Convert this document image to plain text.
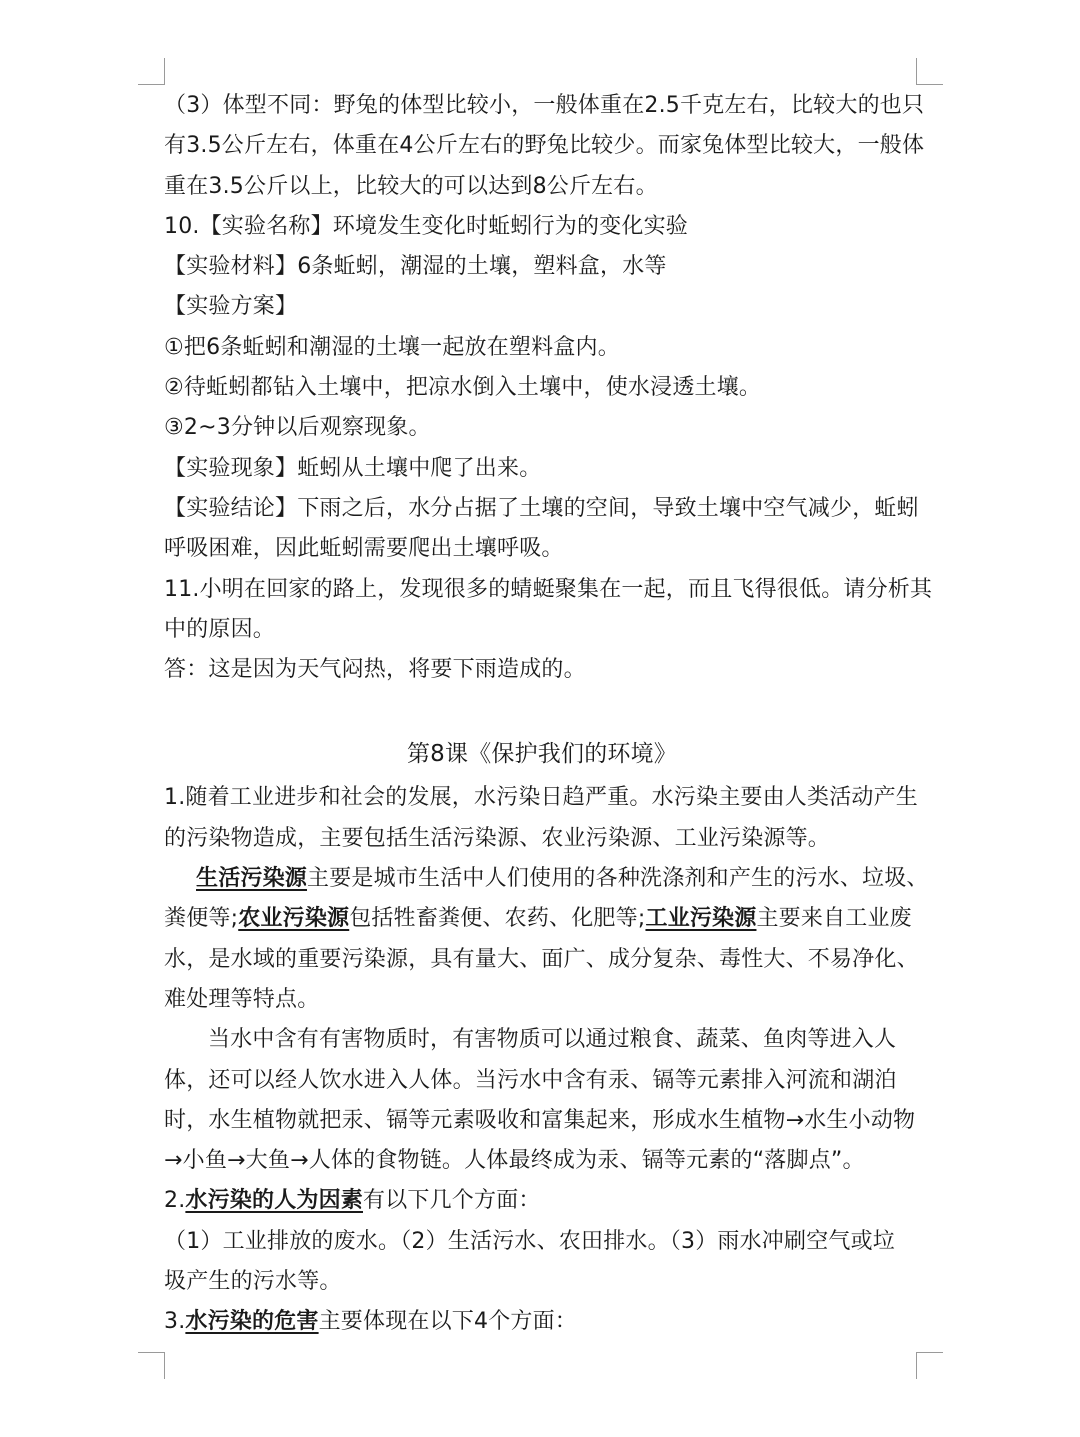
（3）体型不同：野兔的体型比较小，一般体重在2.5千克左右，比较大的也只
有3.5公斤左右，体重在4公斤左右的野兔比较少。而家兔体型比较大，一般体
重在3.5公斤以上，比较大的可以达到8公斤左右。
10.【实验名称】环境发生变化时蚯蚓行为的变化实验
【实验材料】6条蚯蚓，潮湿的土壤，塑料盒，水等
【实验方案】
①把6条蚯蚓和潮湿的土壤一起放在塑料盒内。
②待蚯蚓都钻入土壤中，把凉水倒入土壤中，使水浸透土壤。
③2~3分钟以后观察现象。
【实验现象】蚯蚓从土壤中爬了出来。
【实验结论】下雨之后，水分占据了土壤的空间，导致土壤中空气减少，蚯蚓
呼吸困难，因此蚯蚓需要爬出土壤呼吸。
11.小明在回家的路上，发现很多的蜻蜓聚集在一起，而且飞得很低。请分析其
中的原因。
答：这是因为天气闷热，将要下雨造成的。
第8课《保护我们的环境》
1.随着工业进步和社会的发展，水污染日趋严重。水污染主要由人类活动产生
的污染物造成，主要包括生活污染源、农业污染源、工业污染源等。
生活污染源主要是城市生活中人们使用的各种洗涤剂和产生的污水、垃圾、
粪便等;农业污染源包括牲畜粪便、农药、化肥等;工业污染源主要来自工业废
水，是水域的重要污染源，具有量大、面广、成分复杂、毒性大、不易净化、
难处理等特点。
当水中含有有害物质时，有害物质可以通过粮食、蔬菜、鱼肉等进入人
体，还可以经人饮水进入人体。当污水中含有汞、镉等元素排入河流和湖泊
时，水生植物就把汞、镉等元素吸收和富集起来，形成水生植物→水生小动物
→小鱼→大鱼→人体的食物链。人体最终成为汞、镉等元素的“落脚点”。
2.水污染的人为因素有以下几个方面：
（1）工业排放的废水。（2）生活污水、农田排水。（3）雨水冲刷空气或垃
圾产生的污水等。
3.水污染的危害主要体现在以下4个方面：
